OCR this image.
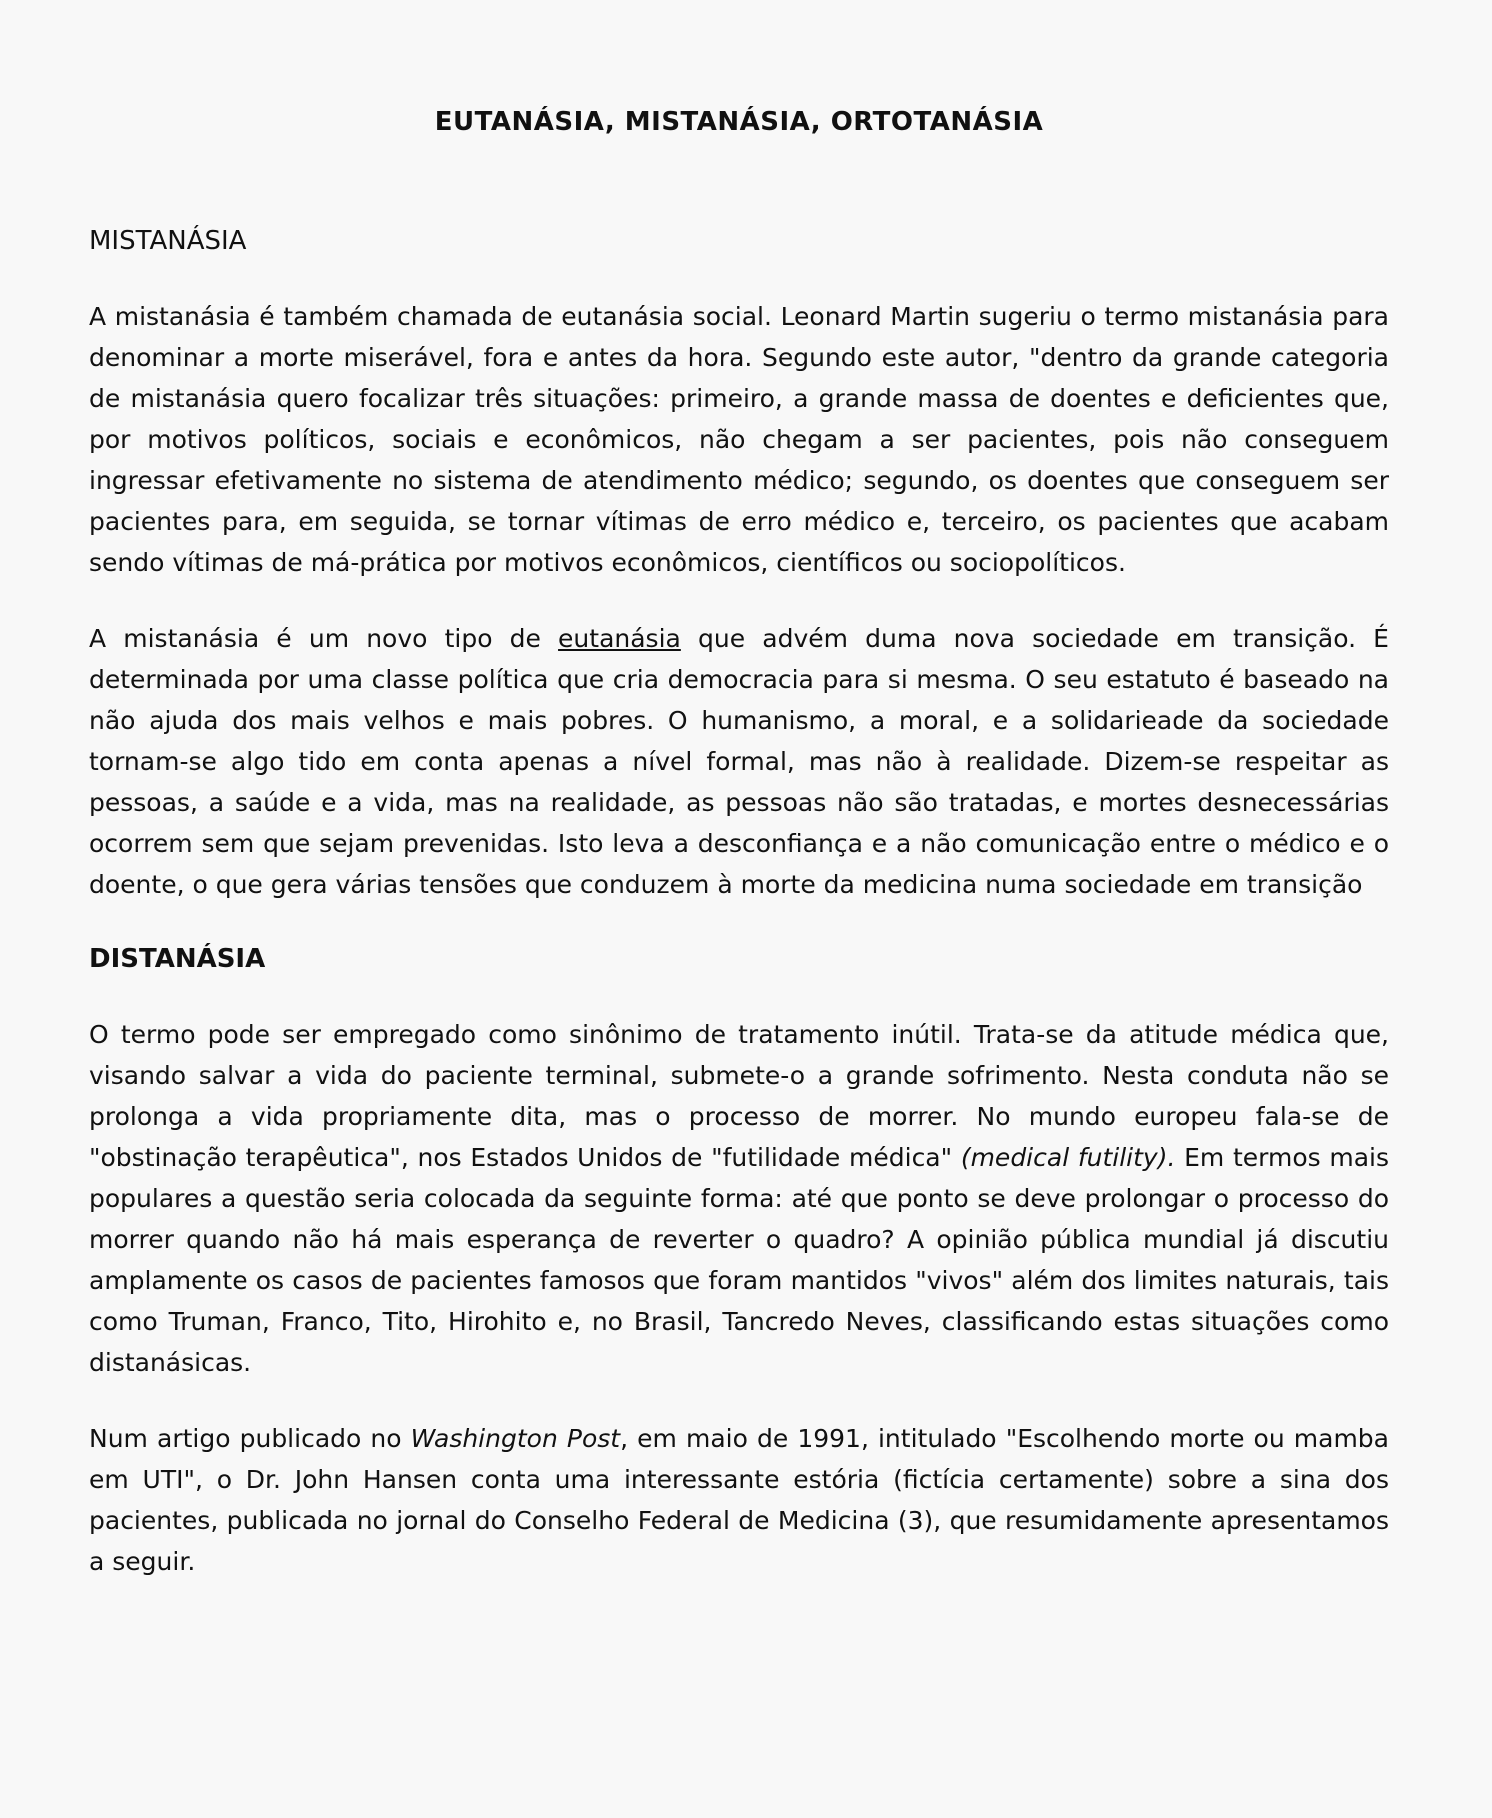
EUTANÁSIA, MISTANÁSIA, ORTOTANÁSIA
MISTANÁSIA

A mistanásia é também chamada de eutanásia social. Leonard Martin sugeriu o termo mistanásia para denominar a morte miserável, fora e antes da hora. Segundo este autor, "dentro da grande categoria de mistanásia quero focalizar três situações: primeiro, a grande massa de doentes e deficientes que, por motivos políticos, sociais e econômicos, não chegam a ser pacientes, pois não conseguem ingressar efetivamente no sistema de atendimento médico; segundo, os doentes que conseguem ser pacientes para, em seguida, se tornar vítimas de erro médico e, terceiro, os pacientes que acabam sendo vítimas de má-prática por motivos econômicos, científicos ou sociopolíticos.

A mistanásia é um novo tipo de eutanásia que advém duma nova sociedade em transição. É determinada por uma classe política que cria democracia para si mesma. O seu estatuto é baseado na não ajuda dos mais velhos e mais pobres. O humanismo, a moral, e a solidarieade da sociedade tornam-se algo tido em conta apenas a nível formal, mas não à realidade. Dizem-se respeitar as pessoas, a saúde e a vida, mas na realidade, as pessoas não são tratadas, e mortes desnecessárias ocorrem sem que sejam prevenidas. Isto leva a desconfiança e a não comunicação entre o médico e o doente, o que gera várias tensões que conduzem à morte da medicina numa sociedade em transição

DISTANÁSIA

O termo pode ser empregado como sinônimo de tratamento inútil. Trata-se da atitude médica que, visando salvar a vida do paciente terminal, submete-o a grande sofrimento. Nesta conduta não se prolonga a vida propriamente dita, mas o processo de morrer. No mundo europeu fala-se de "obstinação terapêutica", nos Estados Unidos de "futilidade médica" (medical futility). Em termos mais populares a questão seria colocada da seguinte forma: até que ponto se deve prolongar o processo do morrer quando não há mais esperança de reverter o quadro? A opinião pública mundial já discutiu amplamente os casos de pacientes famosos que foram mantidos "vivos" além dos limites naturais, tais como Truman, Franco, Tito, Hirohito e, no Brasil, Tancredo Neves, classificando estas situações como distanásicas.

Num artigo publicado no Washington Post, em maio de 1991, intitulado "Escolhendo morte ou mamba em UTI", o Dr. John Hansen conta uma interessante estória (fictícia certamente) sobre a sina dos pacientes, publicada no jornal do Conselho Federal de Medicina (3), que resumidamente apresentamos a seguir.
